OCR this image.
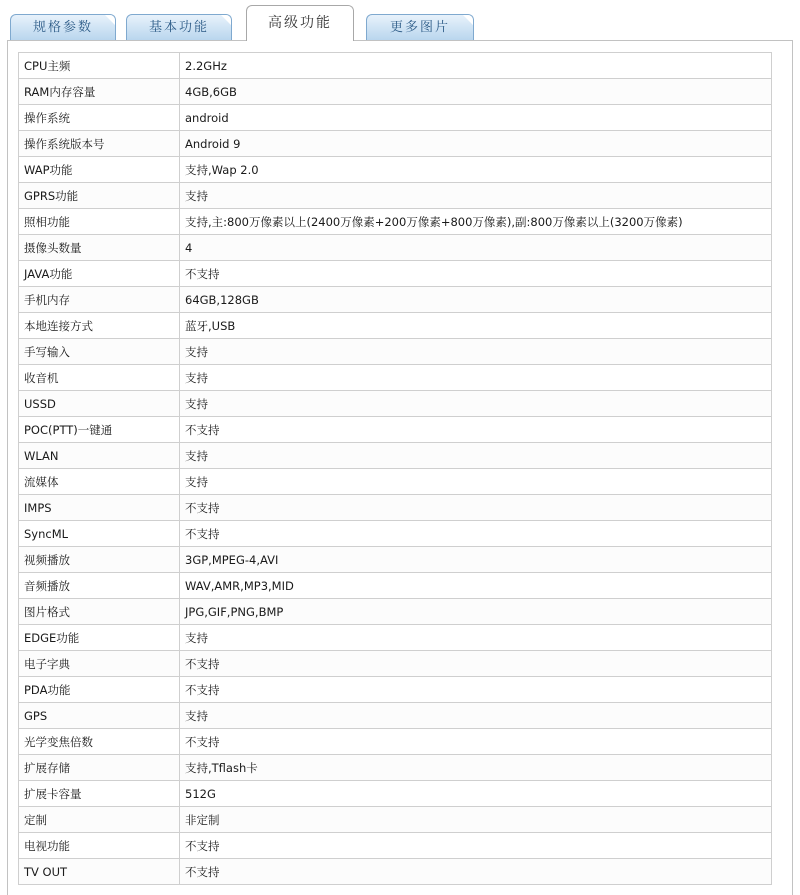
规格参数	基本功能	高级功能	更多图片
CPU主频	2.2GHz
RAM内存容量	4GB,6GB
操作系统	android
操作系统版本号	Android 9
WAP功能	支持,Wap 2.0
GPRS功能	支持
照相功能	支持,主:800万像素以上(2400万像素+200万像素+800万像素),副:800万像素以上(3200万像素)
摄像头数量	4
JAVA功能	不支持
手机内存	64GB,128GB
本地连接方式	蓝牙,USB
手写输入	支持
收音机	支持
USSD	支持
POC(PTT)一键通	不支持
WLAN	支持
流媒体	支持
IMPS	不支持
SyncML	不支持
视频播放	3GP,MPEG-4,AVI
音频播放	WAV,AMR,MP3,MID
图片格式	JPG,GIF,PNG,BMP
EDGE功能	支持
电子字典	不支持
PDA功能	不支持
GPS	支持
光学变焦倍数	不支持
扩展存储	支持,Tflash卡
扩展卡容量	512G
定制	非定制
电视功能	不支持
TV OUT	不支持
